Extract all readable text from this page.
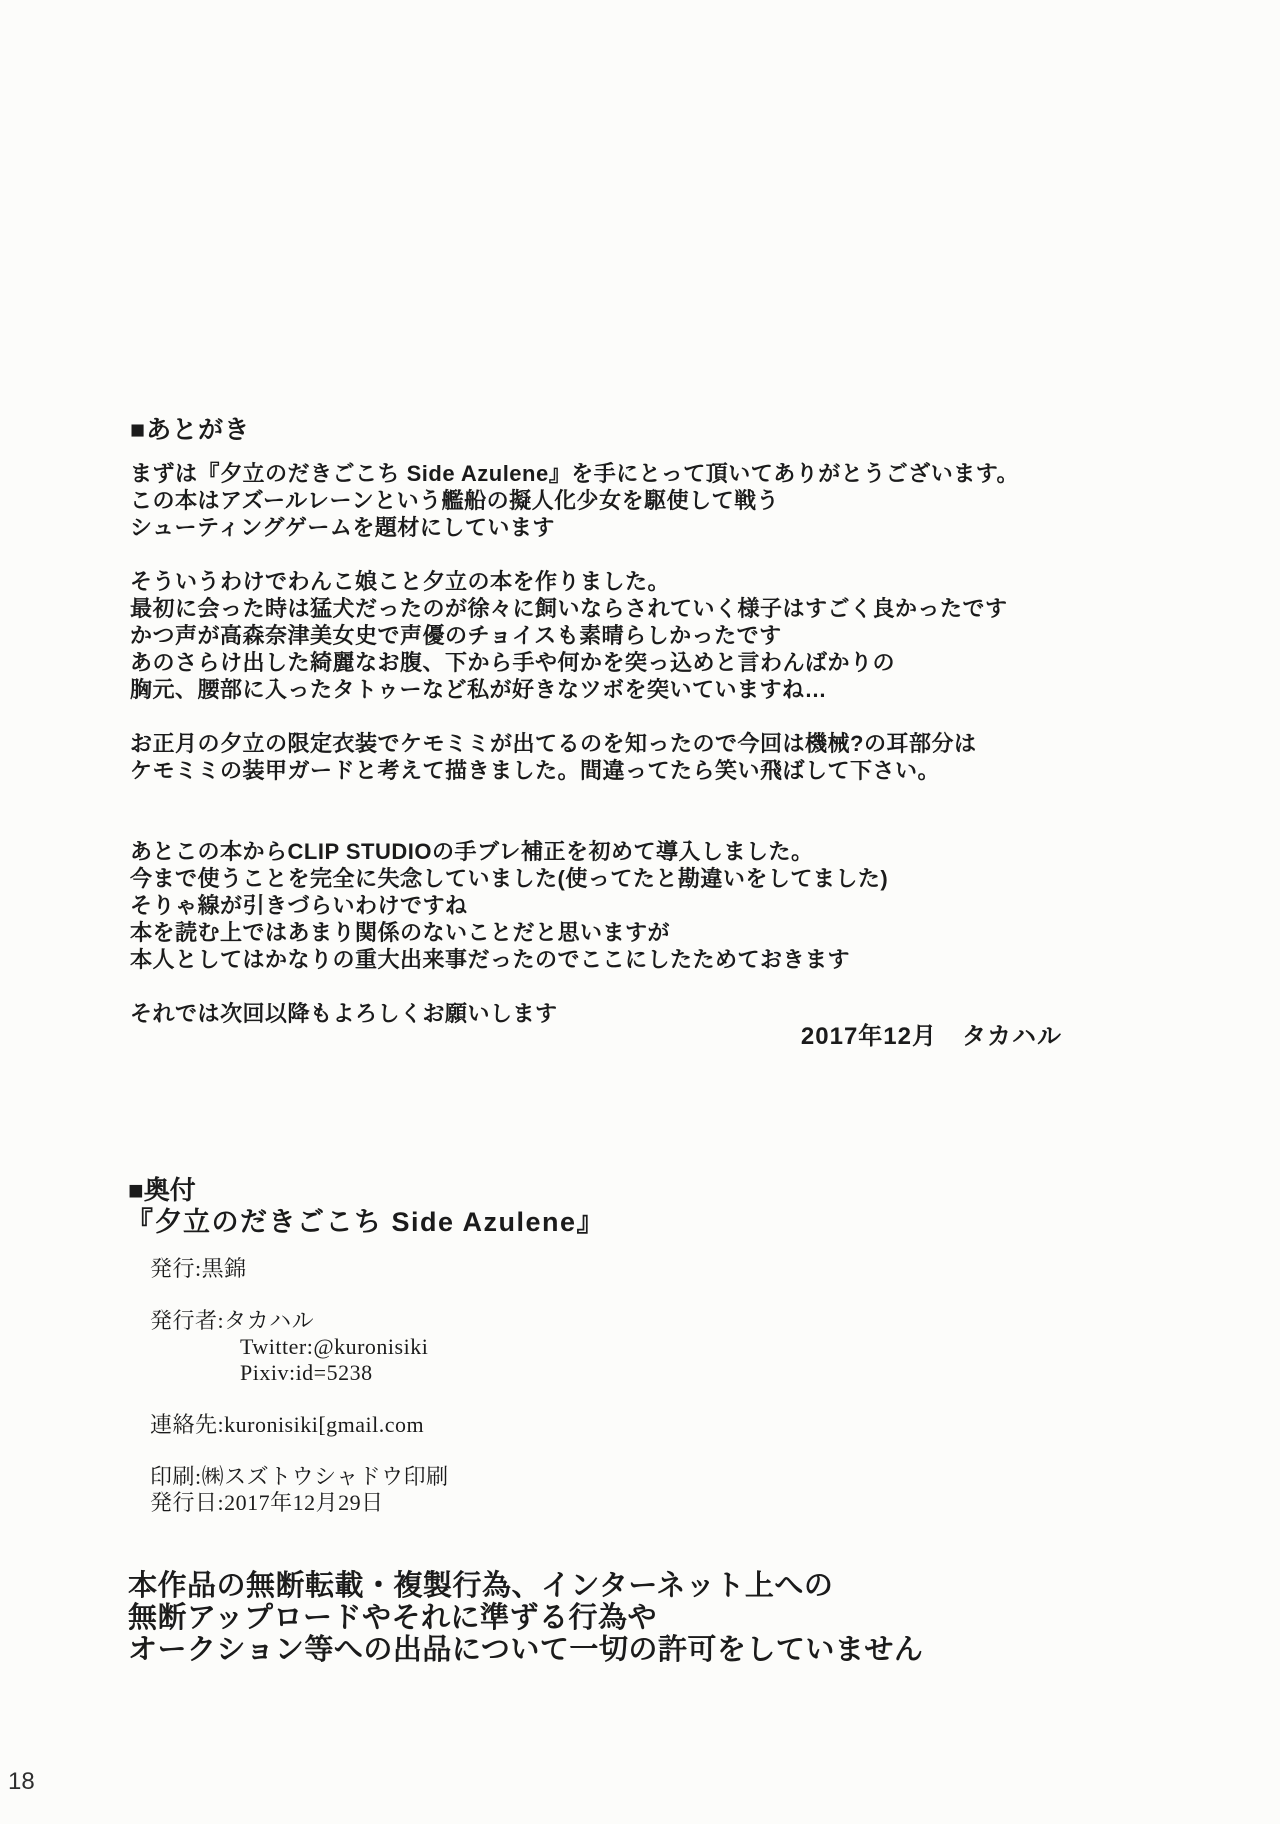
■あとがき
まずは『夕立のだきごこち Side Azulene』を手にとって頂いてありがとうございます。
この本はアズールレーンという艦船の擬人化少女を駆使して戦う
シューティングゲームを題材にしています
そういうわけでわんこ娘こと夕立の本を作りました。
最初に会った時は猛犬だったのが徐々に飼いならされていく様子はすごく良かったです
かつ声が高森奈津美女史で声優のチョイスも素晴らしかったです
あのさらけ出した綺麗なお腹、下から手や何かを突っ込めと言わんばかりの
胸元、腰部に入ったタトゥーなど私が好きなツボを突いていますね…
お正月の夕立の限定衣装でケモミミが出てるのを知ったので今回は機械?の耳部分は
ケモミミの装甲ガードと考えて描きました。間違ってたら笑い飛ばして下さい。
あとこの本からCLIP STUDIOの手ブレ補正を初めて導入しました。
今まで使うことを完全に失念していました(使ってたと勘違いをしてました)
そりゃ線が引きづらいわけですね
本を読む上ではあまり関係のないことだと思いますが
本人としてはかなりの重大出来事だったのでここにしたためておきます
それでは次回以降もよろしくお願いします
2017年12月　タカハル
■奥付
『夕立のだきごこち Side Azulene』
発行:黒錦
発行者:タカハル
　　　　Twitter:@kuronisiki
　　　　Pixiv:id=5238
連絡先:kuronisiki[gmail.com
印刷:㈱スズトウシャドウ印刷
発行日:2017年12月29日
本作品の無断転載・複製行為、インターネット上への
無断アップロードやそれに準ずる行為や
オークション等への出品について一切の許可をしていません
18
